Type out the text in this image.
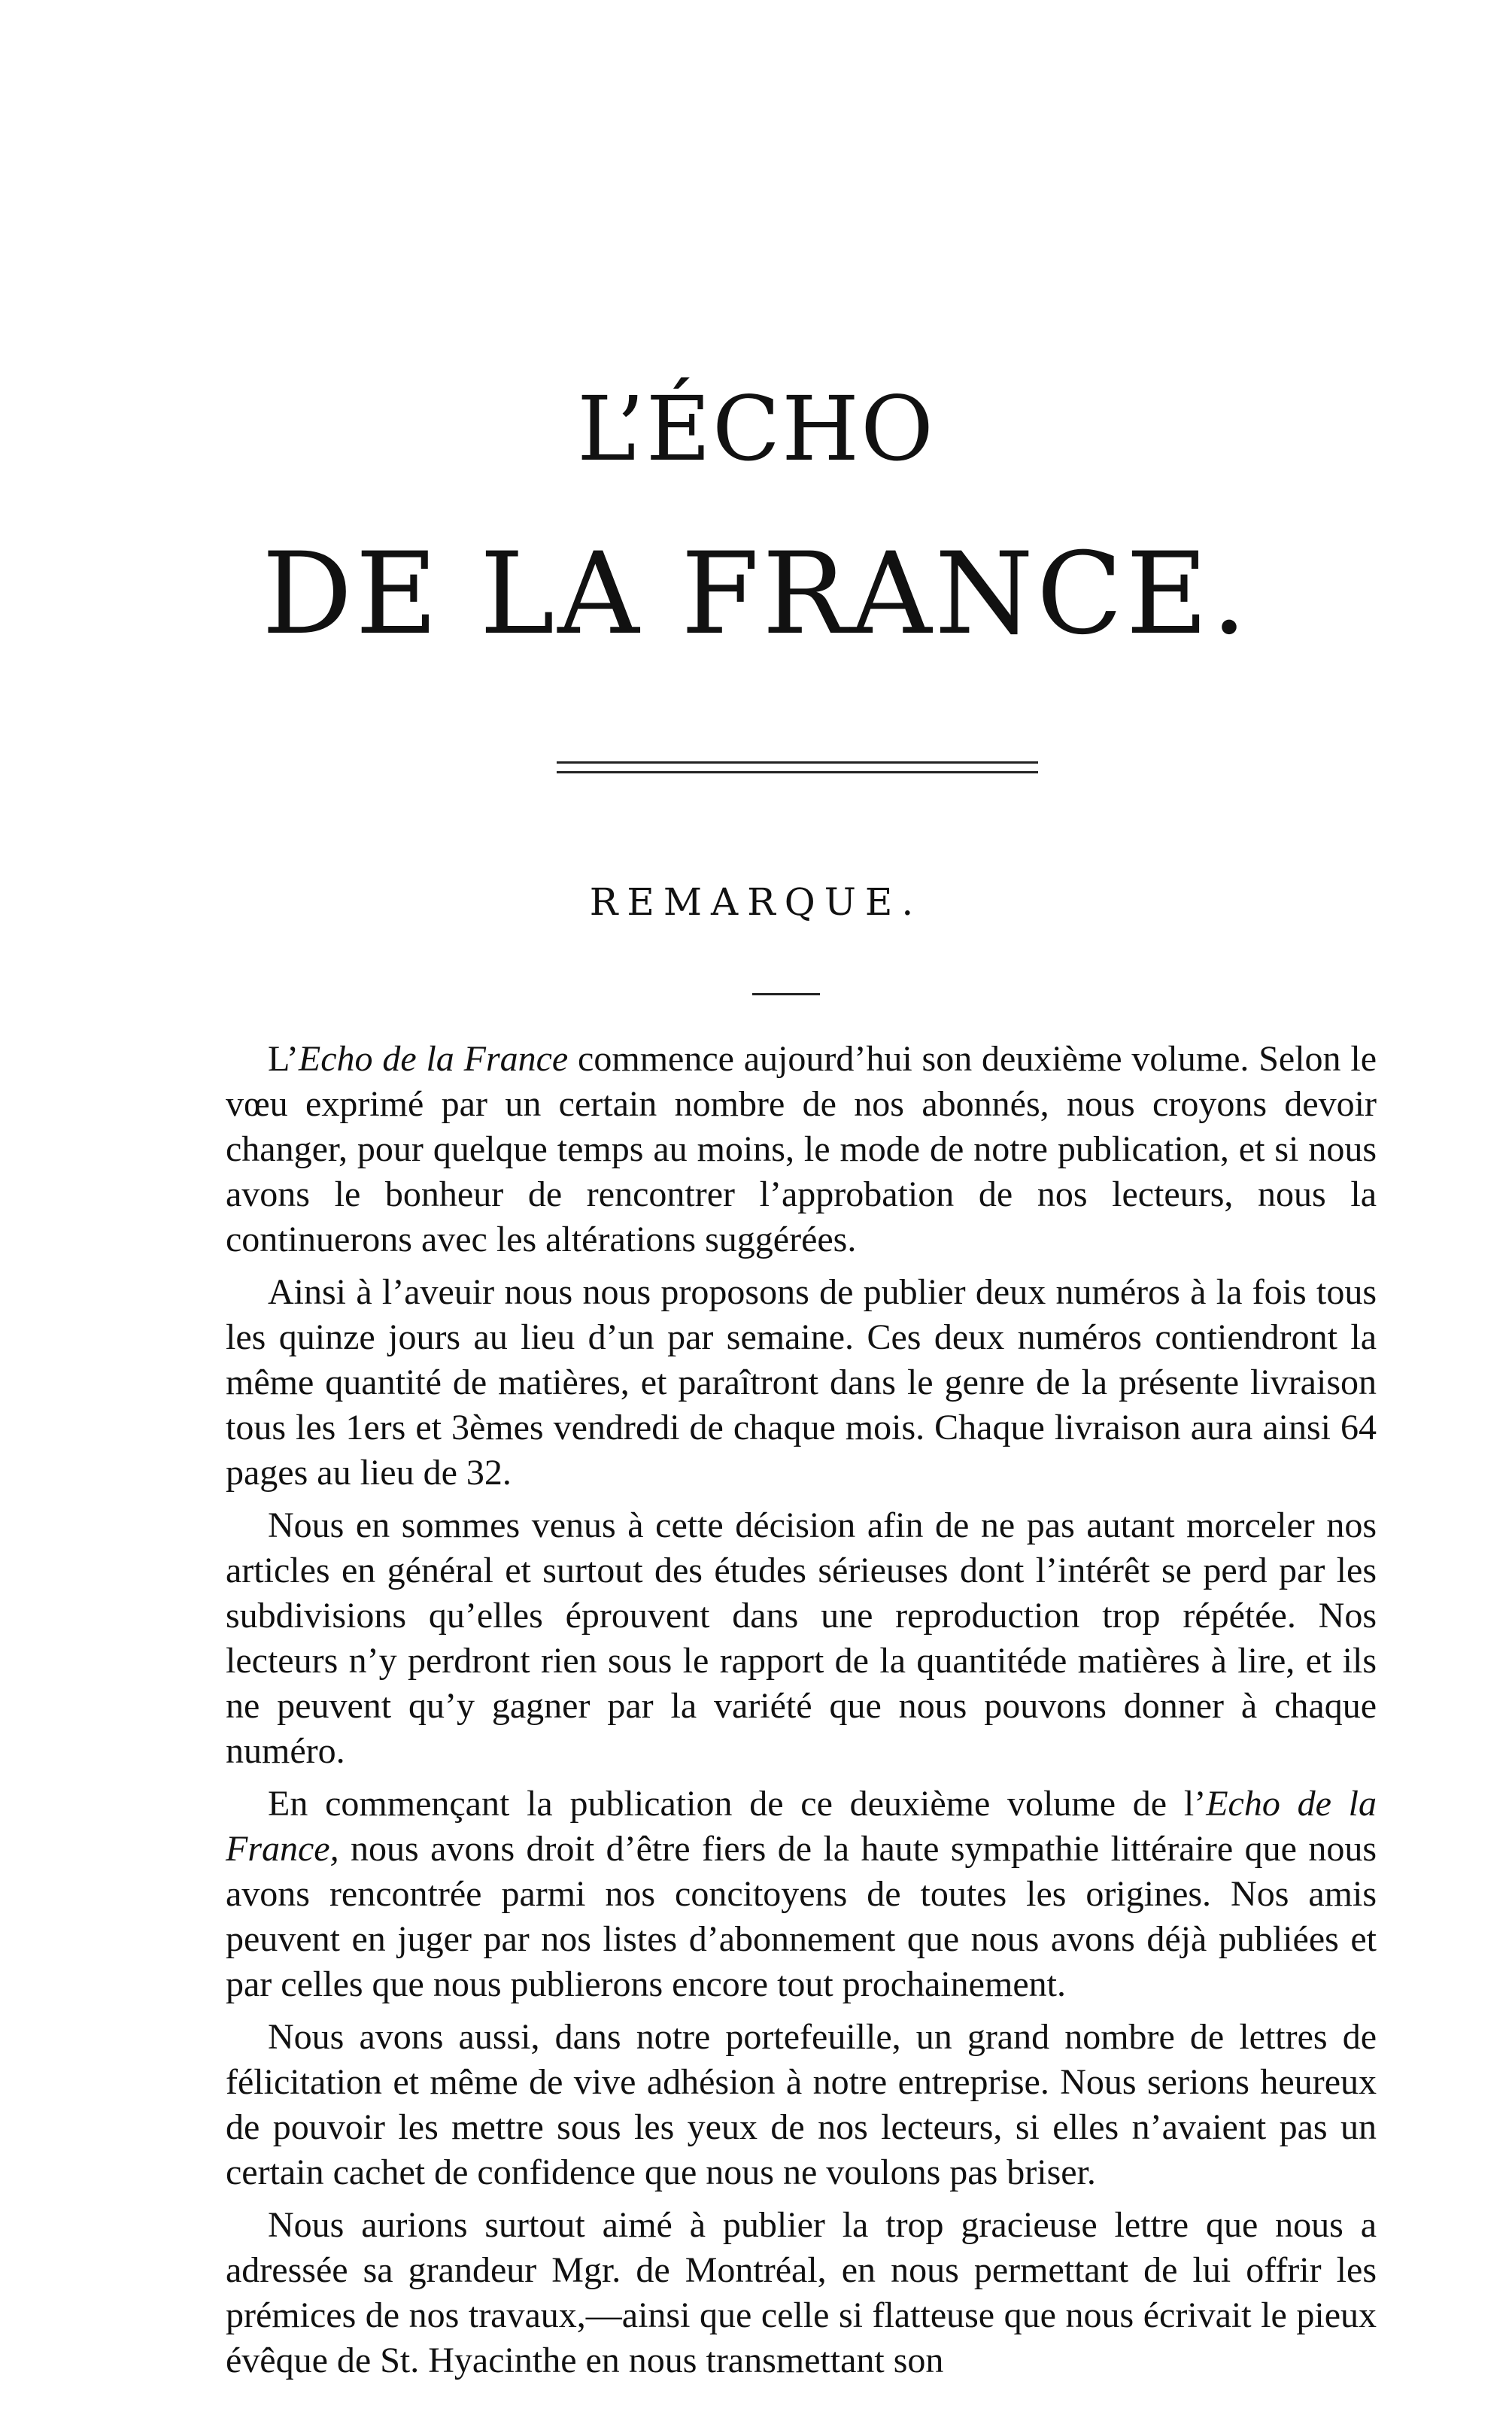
L’ÉCHO
DE LA FRANCE.
REMARQUE.

L’Echo de la France commence aujourd’hui son deuxième volume. Selon le vœu exprimé par un certain nombre de nos abonnés, nous croyons devoir changer, pour quelque temps au moins, le mode de notre publication, et si nous avons le bonheur de rencontrer l’approbation de nos lecteurs, nous la continuerons avec les altérations suggérées.

Ainsi à l’aveuir nous nous proposons de publier deux numéros à la fois tous les quinze jours au lieu d’un par semaine. Ces deux numéros contiendront la même quantité de matières, et paraîtront dans le genre de la présente livraison tous les 1ers et 3èmes vendredi de chaque mois. Chaque livraison aura ainsi 64 pages au lieu de 32.

Nous en sommes venus à cette décision afin de ne pas autant morceler nos articles en général et surtout des études sérieuses dont l’intérêt se perd par les subdivisions qu’elles éprouvent dans une reproduction trop répétée. Nos lecteurs n’y perdront rien sous le rapport de la quantitéde matières à lire, et ils ne peuvent qu’y gagner par la variété que nous pouvons donner à chaque numéro.

En commençant la publication de ce deuxième volume de l’Echo de la France, nous avons droit d’être fiers de la haute sympathie littéraire que nous avons rencontrée parmi nos concitoyens de toutes les origines. Nos amis peuvent en juger par nos listes d’abonnement que nous avons déjà publiées et par celles que nous publierons encore tout prochainement.

Nous avons aussi, dans notre portefeuille, un grand nombre de lettres de félicitation et même de vive adhésion à notre entreprise. Nous serions heureux de pouvoir les mettre sous les yeux de nos lecteurs, si elles n’avaient pas un certain cachet de confidence que nous ne voulons pas briser.

Nous aurions surtout aimé à publier la trop gracieuse lettre que nous a adressée sa grandeur Mgr. de Montréal, en nous permettant de lui offrir les prémices de nos travaux,—ainsi que celle si flatteuse que nous écrivait le pieux évêque de St. Hyacinthe en nous transmettant son
